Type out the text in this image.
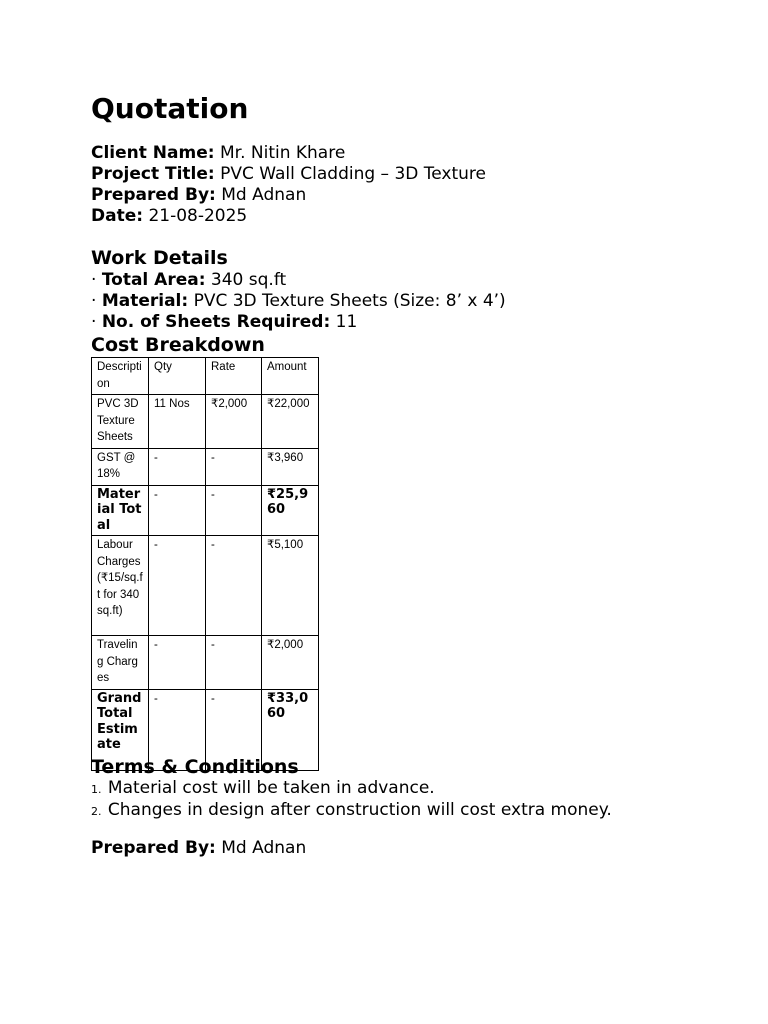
Quotation
Client Name: Mr. Nitin Khare
Project Title: PVC Wall Cladding – 3D Texture
Prepared By: Md Adnan
Date: 21-08-2025
Work Details
· Total Area: 340 sq.ft
· Material: PVC 3D Texture Sheets (Size: 8’ x 4’)
· No. of Sheets Required: 11
Cost Breakdown
Description	Qty	Rate	Amount
PVC 3D Texture Sheets	11 Nos	₹2,000	₹22,000
GST @ 18%	-	-	₹3,960
Material Total	-	-	₹25,960
Labour Charges (₹15/sq.ft for 340 sq.ft)	-	-	₹5,100
Traveling Charges	-	-	₹2,000
Grand Total Estimate	-	-	₹33,060
Terms & Conditions
1. Material cost will be taken in advance.
2. Changes in design after construction will cost extra money.
Prepared By: Md Adnan
